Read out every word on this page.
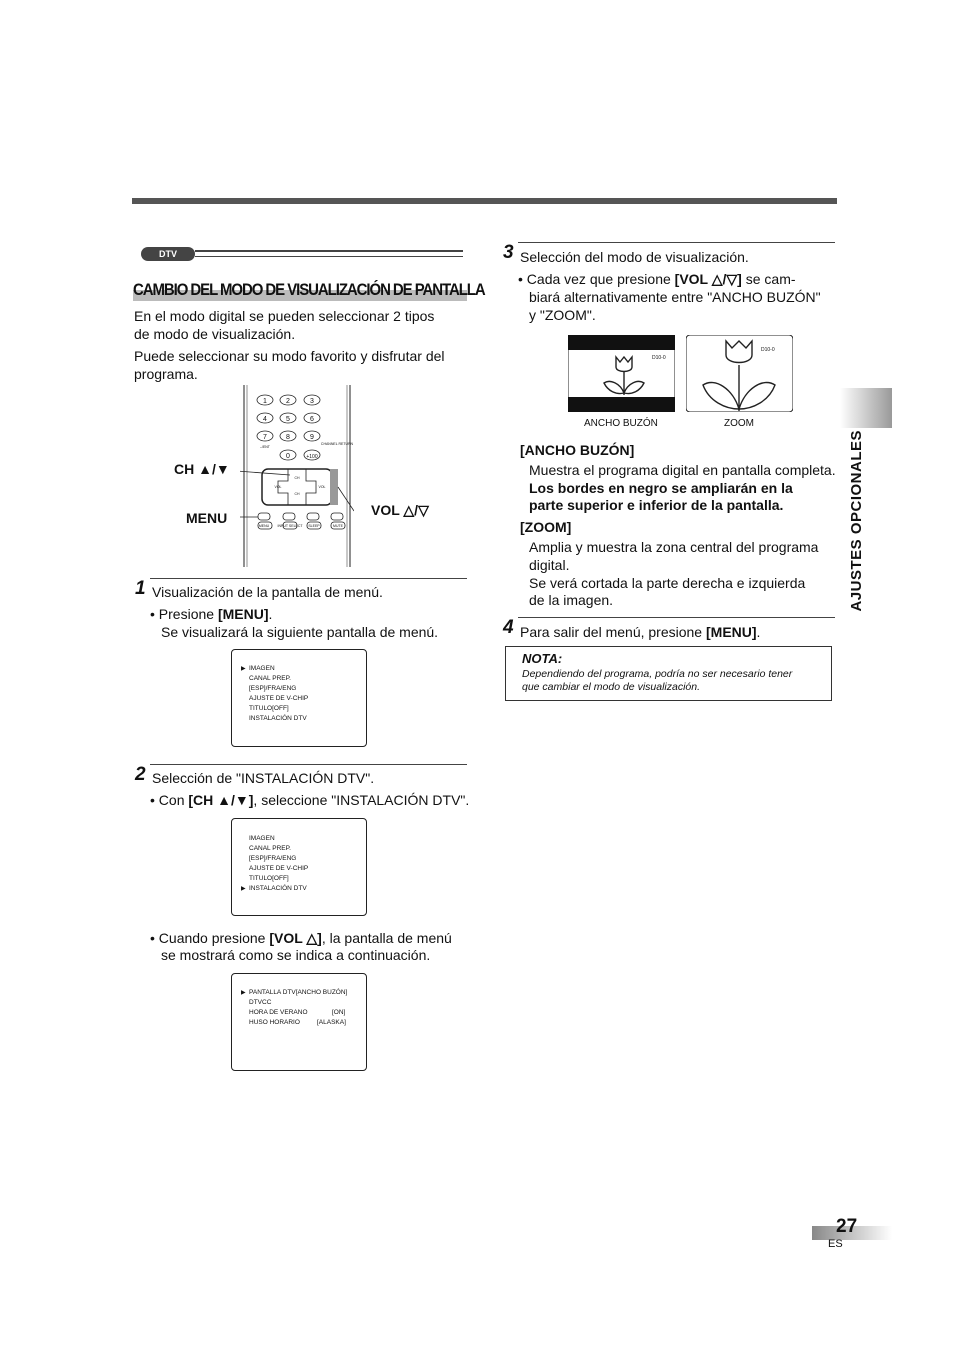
DTV
CAMBIO DEL MODO DE VISUALIZACIÓN DE PANTALLA
En el modo digital se pueden seleccionar 2 tipos
de modo de visualización.
Puede seleccionar su modo favorito y disfrutar del
programa.
1	2	3
4	5	6
7	8	9
0	+100
–/ENT
CHANNEL RETURN
CH
CH
VOL	VOL
MENU INPUT SELECT SLEEP	MUTE
CH ▲/▼
MENU	VOL △/▽
1 Visualización de la pantalla de menú.
• Presione [MENU].
Se visualizará la siguiente pantalla de menú.
▶ IMAGEN
CANAL PREP.
[ESP]/FRA/ENG
AJUSTE DE V-CHIP
TITULO[OFF]
INSTALACIÓN DTV
2 Selección de "INSTALACIÓN DTV".
• Con [CH ▲/▼], seleccione "INSTALACIÓN DTV".
IMAGEN
CANAL PREP.
[ESP]/FRA/ENG
AJUSTE DE V-CHIP
TITULO[OFF]
▶ INSTALACIÓN DTV
• Cuando presione [VOL △], la pantalla de menú
se mostrará como se indica a continuación.
▶ PANTALLA DTV[ANCHO BUZÓN]
DTVCC
HORA DE VERANO	[ON]
HUSO HORARIO	[ALASKA]
3 Selección del modo de visualización.
• Cada vez que presione [VOL △/▽] se cam-
biará alternativamente entre "ANCHO BUZÓN"
y "ZOOM".
D10-0
D10-0
ANCHO BUZÓN	ZOOM
[ANCHO BUZÓN]
Muestra el programa digital en pantalla completa.
Los bordes en negro se ampliarán en la
parte superior e inferior de la pantalla.
[ZOOM]
Amplia y muestra la zona central del programa
digital.
Se verá cortada la parte derecha e izquierda
de la imagen.
4 Para salir del menú, presione [MENU].
NOTA:
Dependiendo del programa, podría no ser necesario tener
que cambiar el modo de visualización.
AJUSTES OPCIONALES
27
ES
